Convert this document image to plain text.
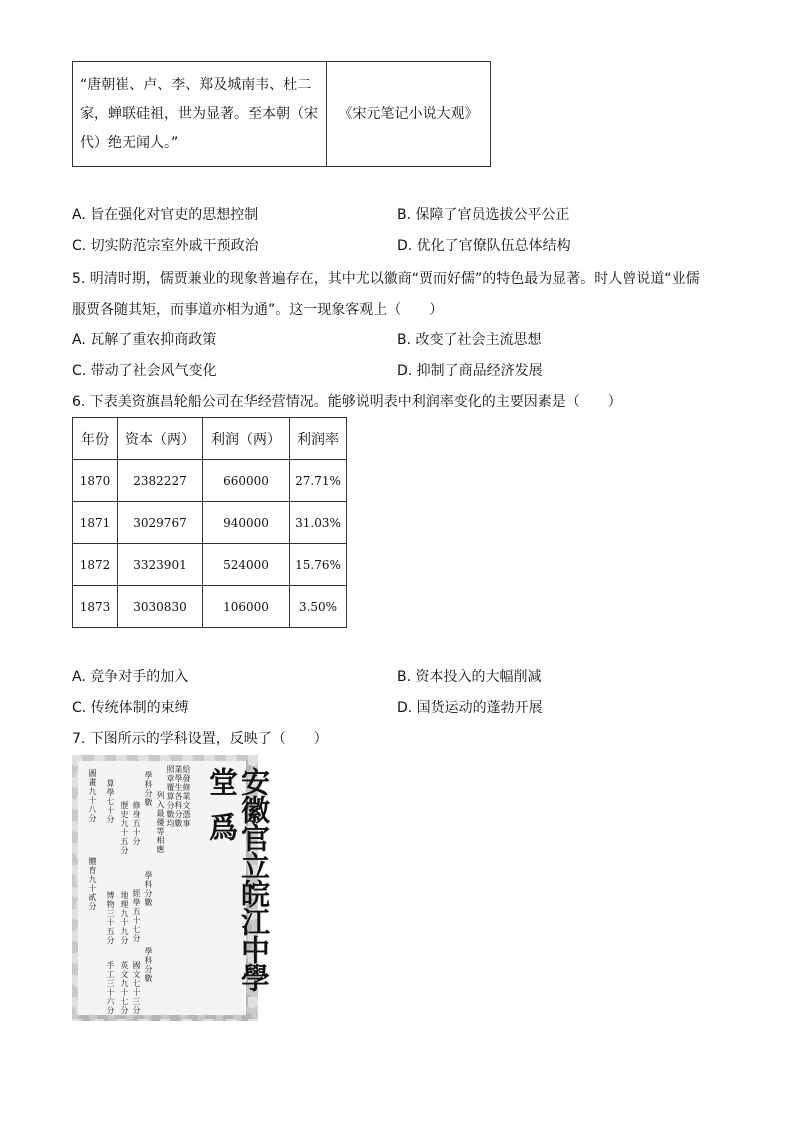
“唐朝崔、卢、李、郑及城南韦、杜二家，蝉联硅祖，世为显著。至本朝（宋代）绝无闻人。”	《宋元笔记小说大观》
A. 旨在强化对官吏的思想控制	B. 保障了官员选拔公平公正
C. 切实防范宗室外戚干预政治	D. 优化了官僚队伍总体结构
5. 明清时期，儒贾兼业的现象普遍存在，其中尤以徽商“贾而好儒”的特色最为显著。时人曾说道“业儒
服贾各随其矩，而事道亦相为通”。这一现象客观上（　　）
A. 瓦解了重农抑商政策	B. 改变了社会主流思想
C. 带动了社会风气变化	D. 抑制了商品经济发展
6. 下表美资旗昌轮船公司在华经营情况。能够说明表中利润率变化的主要因素是（　　）
年份	资本（两）	利润（两）	利润率
1870	2382227	660000	27.71%
1871	3029767	940000	31.03%
1872	3323901	524000	15.76%
1873	3030830	106000	3.50%
A. 竞争对手的加入	B. 资本投入的大幅削减
C. 传统体制的束缚	D. 国货运动的蓬勃开展
7. 下图所示的学科设置，反映了（　　）
安徽官立皖江中學堂 爲
給發修業文憑事
業學生各科分數
照章覆算分數均
列入最優等相應
學科分數
修身五十分
歷史九十五分
算學七十分
圖畫九十八分
學科分數
經學五十七分
地理九十九分
博物三十五分
體育九十貳分
學科分數
國文七十三分
英文九十七分
手工三十六分
